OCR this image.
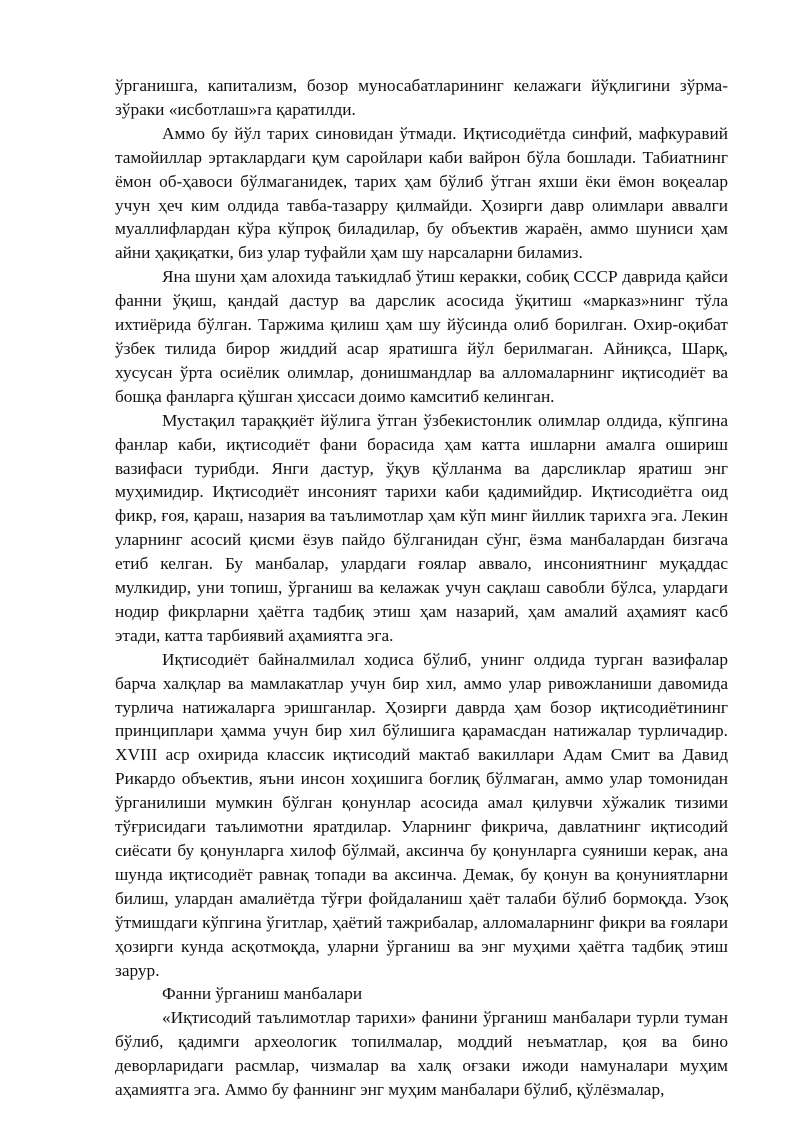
ўрганишга, капитализм, бозор муносабатларининг келажаги йўқлигини зўрма-зўраки «исботлаш»га қаратилди.

Аммо бу йўл тарих синовидан ўтмади. Иқтисодиётда синфий, мафкуравий тамойиллар эртаклардаги қум саройлари каби вайрон бўла бошлади. Табиатнинг ёмон об-ҳавоси бўлмаганидек, тарих ҳам бўлиб ўтган яхши ёки ёмон воқеалар учун ҳеч ким олдида тавба-тазарру қилмайди. Ҳозирги давр олимлари аввалги муаллифлардан кўра кўпроқ биладилар, бу объектив жараён, аммо шуниси ҳам айни ҳақиқатки, биз улар туфайли ҳам шу нарсаларни биламиз.

Яна шуни ҳам алохида таъкидлаб ўтиш керакки, собиқ СССР даврида қайси фанни ўқиш, қандай дастур ва дарслик асосида ўқитиш «марказ»нинг тўла ихтиёрида бўлган. Таржима қилиш ҳам шу йўсинда олиб борилган. Охир-оқибат ўзбек тилида бирор жиддий асар яратишга йўл берилмаган. Айниқса, Шарқ, хусусан ўрта осиёлик олимлар, донишмандлар ва алломаларнинг иқтисодиёт ва бошқа фанларга қўшган ҳиссаси доимо камситиб келинган.

Мустақил тараққиёт йўлига ўтган ўзбекистонлик олимлар олдида, кўпгина фанлар каби, иқтисодиёт фани борасида ҳам катта ишларни амалга ошириш вазифаси турибди. Янги дастур, ўқув қўлланма ва дарсликлар яратиш энг муҳимидир. Иқтисодиёт инсоният тарихи каби қадимийдир. Иқтисодиётга оид фикр, ғоя, қараш, назария ва таълимотлар ҳам кўп минг йиллик тарихга эга. Лекин уларнинг асосий қисми ёзув пайдо бўлганидан сўнг, ёзма манбалардан бизгача етиб келган. Бу манбалар, улардаги ғоялар аввало, инсониятнинг муқаддас мулкидир, уни топиш, ўрганиш ва келажак учун сақлаш савобли бўлса, улардаги нодир фикрларни ҳаётга тадбиқ этиш ҳам назарий, ҳам амалий аҳамият касб этади, катта тарбиявий аҳамиятга эга.

Иқтисодиёт байналмилал ходиса бўлиб, унинг олдида турган вазифалар барча халқлар ва мамлакатлар учун бир хил, аммо улар ривожланиши давомида турлича натижаларга эришганлар. Ҳозирги даврда ҳам бозор иқтисодиётининг принциплари ҳамма учун бир хил бўлишига қарамасдан натижалар турличадир. XVIII аср охирида классик иқтисодий мактаб вакиллари Адам Смит ва Давид Рикардо объектив, яъни инсон хоҳишига боғлиқ бўлмаган, аммо улар томонидан ўрганилиши мумкин бўлган қонунлар асосида амал қилувчи хўжалик тизими тўғрисидаги таълимотни яратдилар. Уларнинг фикрича, давлатнинг иқтисодий сиёсати бу қонунларга хилоф бўлмай, аксинча бу қонунларга суяниши керак, ана шунда иқтисодиёт равнақ топади ва аксинча. Демак, бу қонун ва қонуниятларни билиш, улардан амалиётда тўғри фойдаланиш ҳаёт талаби бўлиб бормоқда. Узоқ ўтмишдаги кўпгина ўгитлар, ҳаётий тажрибалар, алломаларнинг фикри ва ғоялари ҳозирги кунда асқотмоқда, уларни ўрганиш ва энг муҳими ҳаётга тадбиқ этиш зарур.

Фанни ўрганиш манбалари

«Иқтисодий таълимотлар тарихи» фанини ўрганиш манбалари турли туман бўлиб, қадимги археологик топилмалар, моддий неъматлар, қоя ва бино деворларидаги расмлар, чизмалар ва халқ оғзаки ижоди намуналари муҳим аҳамиятга эга. Аммо бу фаннинг энг муҳим манбалари бўлиб, қўлёзмалар,
